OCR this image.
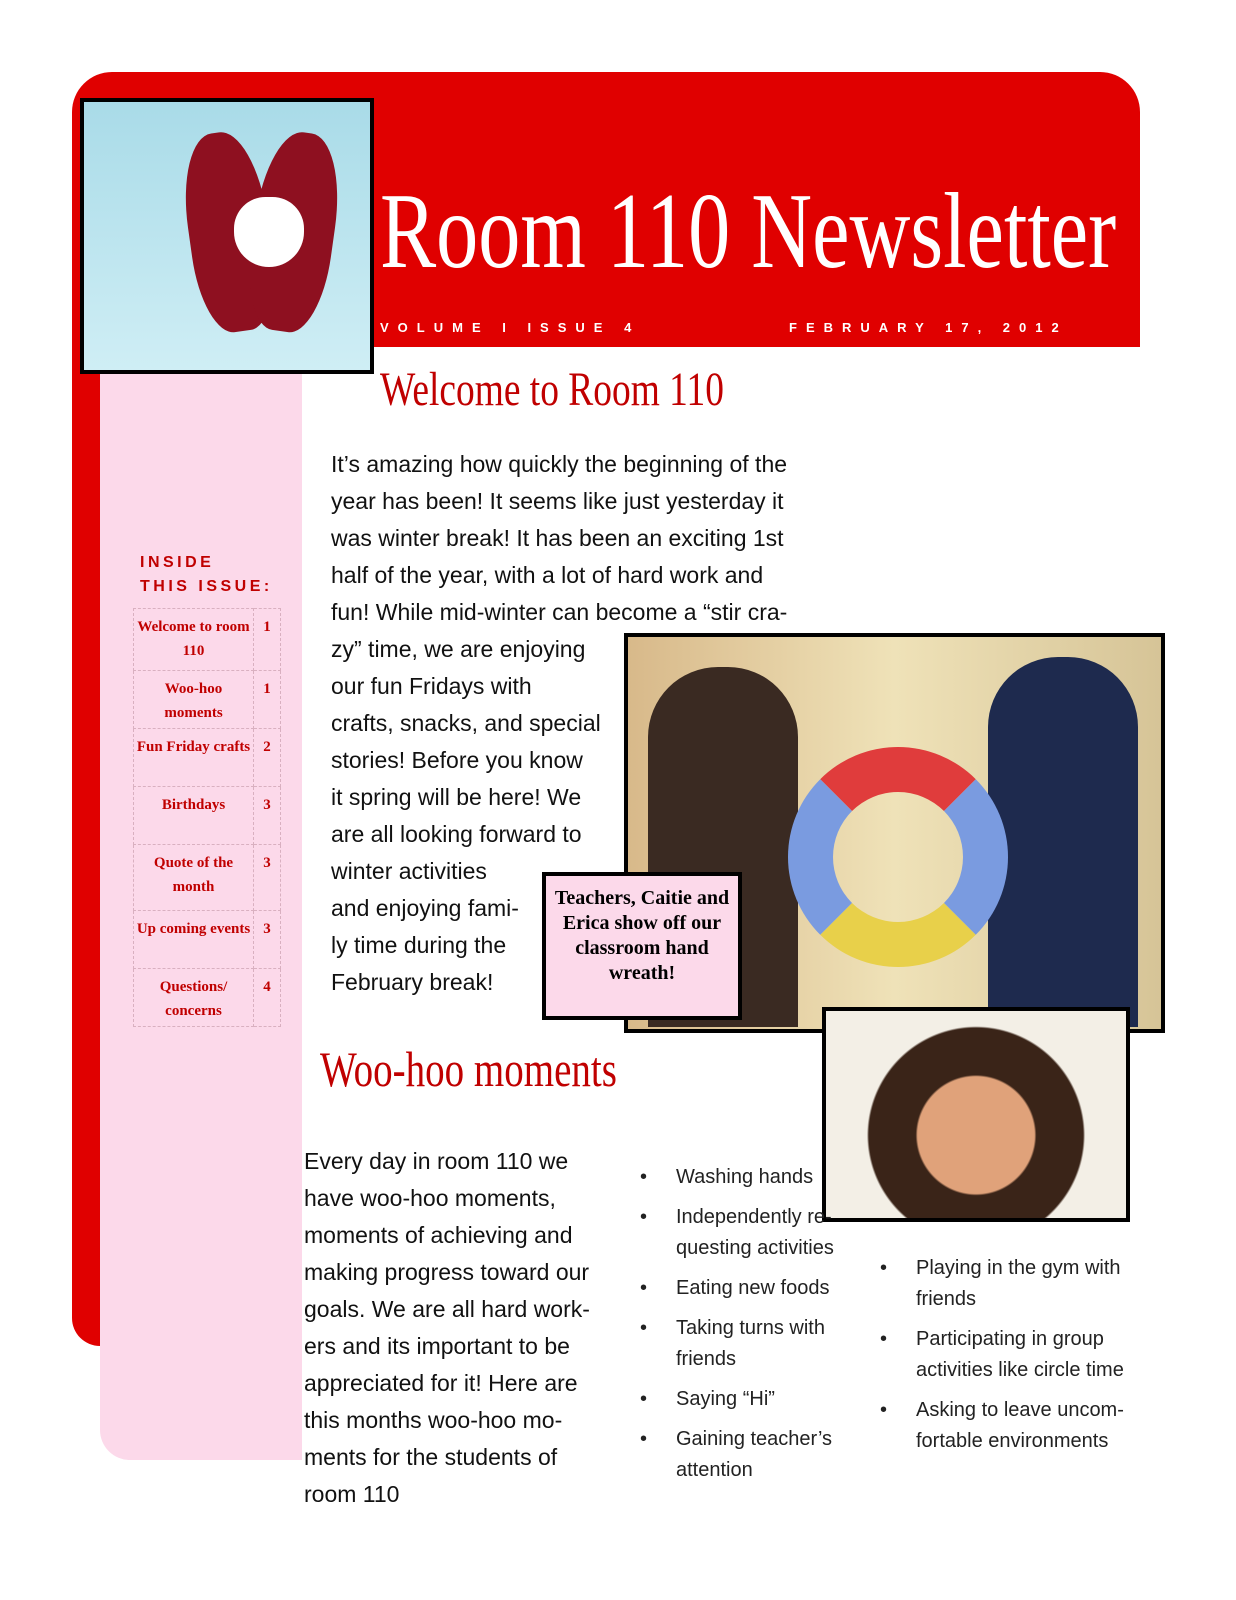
Room 110 Newsletter
VOLUME I ISSUE 4	FEBRUARY 17, 2012
INSIDE
THIS ISSUE:
Welcome to room 110	1
Woo-hoo moments	1
Fun Friday crafts	2
Birthdays	3
Quote of the month	3
Up coming events	3
Questions/ concerns	4
Welcome to Room 110
It’s amazing how quickly the beginning of the
year has been! It seems like just yesterday it
was winter break! It has been an exciting 1st
half of the year, with a lot of hard work and
fun! While mid-winter can become a “stir cra-
zy” time, we are enjoying
our fun Fridays with
crafts, snacks, and special
stories! Before you know
it spring will be here! We
are all looking forward to
winter activities
and enjoying fami-
ly time during the
February break!
Teachers, Caitie and Erica show off our classroom hand wreath!
Woo-hoo moments
Every day in room 110 we
have woo-hoo moments,
moments of achieving and
making progress toward our
goals. We are all hard work-
ers and its important to be
appreciated for it! Here are
this months woo-hoo mo-
ments for the students of
room 110
• Washing hands
• Independently re-questing activities
• Eating new foods
• Taking turns with friends
• Saying “Hi”
• Gaining teacher’s attention
• Playing in the gym with friends
• Participating in group activities like circle time
• Asking to leave uncom-fortable environments
